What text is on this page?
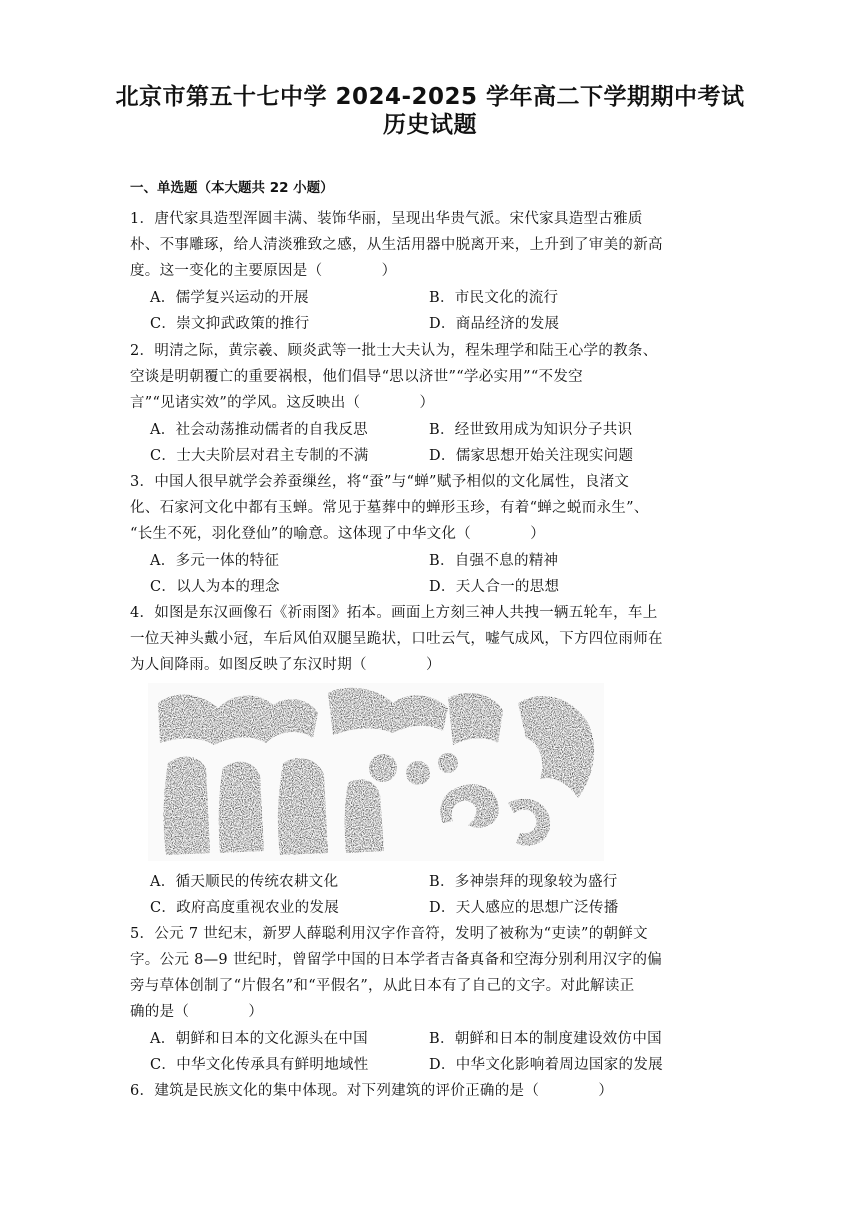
北京市第五十七中学 2024-2025 学年高二下学期期中考试
历史试题
一、单选题（本大题共 22 小题）
1．唐代家具造型浑圆丰满、装饰华丽，呈现出华贵气派。宋代家具造型古雅质
朴、不事雕琢，给人清淡雅致之感，从生活用器中脱离开来，上升到了审美的新高
度。这一变化的主要原因是（　　　　）
A．儒学复兴运动的开展	B．市民文化的流行
C．崇文抑武政策的推行	D．商品经济的发展
2．明清之际，黄宗羲、顾炎武等一批士大夫认为，程朱理学和陆王心学的教条、
空谈是明朝覆亡的重要祸根，他们倡导“思以济世”“学必实用”“不发空
言”“见诸实效”的学风。这反映出（　　　　）
A．社会动荡推动儒者的自我反思	B．经世致用成为知识分子共识
C．士大夫阶层对君主专制的不满	D．儒家思想开始关注现实问题
3．中国人很早就学会养蚕缫丝，将“蚕”与“蝉”赋予相似的文化属性，良渚文
化、石家河文化中都有玉蝉。常见于墓葬中的蝉形玉珍，有着“蝉之蜕而永生”、
“长生不死，羽化登仙”的喻意。这体现了中华文化（　　　　）
A．多元一体的特征	B．自强不息的精神
C．以人为本的理念	D．天人合一的思想
4．如图是东汉画像石《祈雨图》拓本。画面上方刻三神人共拽一辆五轮车，车上
一位天神头戴小冠，车后风伯双腿呈跪状，口吐云气，嘘气成风，下方四位雨师在
为人间降雨。如图反映了东汉时期（　　　　）
A．循天顺民的传统农耕文化	B．多神崇拜的现象较为盛行
C．政府高度重视农业的发展	D．天人感应的思想广泛传播
5．公元 7 世纪末，新罗人薛聪利用汉字作音符，发明了被称为“吏读”的朝鲜文
字。公元 8—9 世纪时，曾留学中国的日本学者吉备真备和空海分别利用汉字的偏
旁与草体创制了“片假名”和“平假名”，从此日本有了自己的文字。对此解读正
确的是（　　　　）
A．朝鲜和日本的文化源头在中国	B．朝鲜和日本的制度建设效仿中国
C．中华文化传承具有鲜明地域性	D．中华文化影响着周边国家的发展
6．建筑是民族文化的集中体现。对下列建筑的评价正确的是（　　　　）
